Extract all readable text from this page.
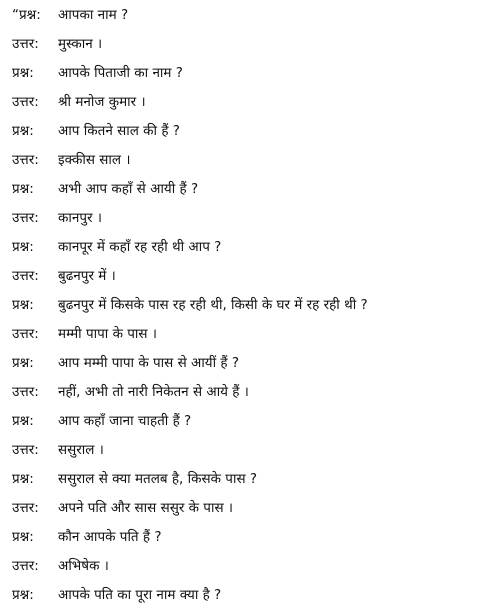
“प्रश्न: आपका नाम ?
उत्तर: मुस्कान ।
प्रश्न: आपके पिताजी का नाम ?
उत्तर: श्री मनोज कुमार ।
प्रश्न: आप कितने साल की हैं ?
उत्तर: इक्कीस साल ।
प्रश्न: अभी आप कहाँ से आयी हैं ?
उत्तर: कानपुर ।
प्रश्न: कानपूर में कहाँ रह रही थी आप ?
उत्तर: बुढनपुर में ।
प्रश्न: बुढनपुर में किसके पास रह रही थी, किसी के घर में रह रही थी ?
उत्तर: मम्मी पापा के पास ।
प्रश्न: आप मम्मी पापा के पास से आयीं हैं ?
उत्तर: नहीं, अभी तो नारी निकेतन से आये हैं ।
प्रश्न: आप कहाँ जाना चाहती हैं ?
उत्तर: ससुराल ।
प्रश्न: ससुराल से क्या मतलब है, किसके पास ?
उत्तर: अपने पति और सास ससुर के पास ।
प्रश्न: कौन आपके पति हैं ?
उत्तर: अभिषेक ।
प्रश्न: आपके पति का पूरा नाम क्या है ?
